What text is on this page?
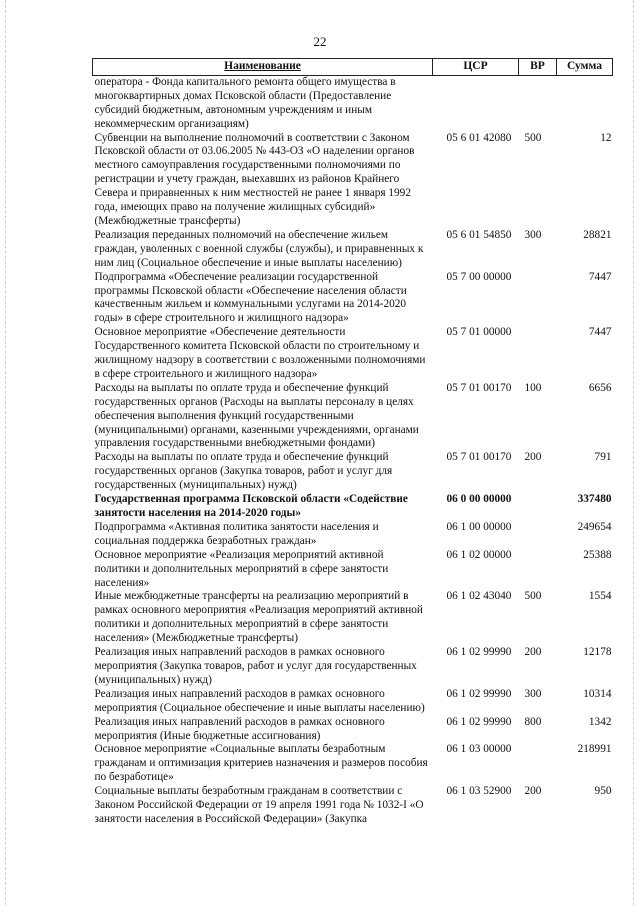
22
Наименование	ЦСР	ВР	Сумма
оператора - Фонда капитального ремонта общего имущества в многоквартирных домах Псковской области (Предоставление субсидий бюджетным, автономным учреждениям и иным некоммерческим организациям)			
Субвенции на выполнение полномочий в соответствии с Законом Псковской области от 03.06.2005 № 443-ОЗ «О наделении органов местного самоуправления государственными полномочиями по регистрации и учету граждан, выехавших из районов Крайнего Севера и приравненных к ним местностей не ранее 1 января 1992 года, имеющих право на получение жилищных субсидий» (Межбюджетные трансферты)	05 6 01 42080	500	12
Реализация переданных полномочий на обеспечение жильем граждан, уволенных с военной службы (службы), и приравненных к ним лиц (Социальное обеспечение и иные выплаты населению)	05 6 01 54850	300	28821
Подпрограмма «Обеспечение реализации государственной программы Псковской области «Обеспечение населения области качественным жильем и коммунальными услугами на 2014-2020 годы» в сфере строительного и жилищного надзора»	05 7 00 00000		7447
Основное мероприятие «Обеспечение деятельности Государственного комитета Псковской области по строительному и жилищному надзору в соответствии с возложенными полномочиями в сфере строительного и жилищного надзора»	05 7 01 00000		7447
Расходы на выплаты по оплате труда и обеспечение функций государственных органов (Расходы на выплаты персоналу в целях обеспечения выполнения функций государственными (муниципальными) органами, казенными учреждениями, органами управления государственными внебюджетными фондами)	05 7 01 00170	100	6656
Расходы на выплаты по оплате труда и обеспечение функций государственных органов (Закупка товаров, работ и услуг для государственных (муниципальных) нужд)	05 7 01 00170	200	791
Государственная программа Псковской области «Содействие занятости населения на 2014-2020 годы»	06 0 00 00000		337480
Подпрограмма «Активная политика занятости населения и социальная поддержка безработных граждан»	06 1 00 00000		249654
Основное мероприятие «Реализация мероприятий активной политики и дополнительных мероприятий в сфере занятости населения»	06 1 02 00000		25388
Иные межбюджетные трансферты на реализацию мероприятий в рамках основного мероприятия «Реализация мероприятий активной политики и дополнительных мероприятий в сфере занятости населения» (Межбюджетные трансферты)	06 1 02 43040	500	1554
Реализация иных направлений расходов в рамках основного мероприятия (Закупка товаров, работ и услуг для государственных (муниципальных) нужд)	06 1 02 99990	200	12178
Реализация иных направлений расходов в рамках основного мероприятия (Социальное обеспечение и иные выплаты населению)	06 1 02 99990	300	10314
Реализация иных направлений расходов в рамках основного мероприятия (Иные бюджетные ассигнования)	06 1 02 99990	800	1342
Основное мероприятие «Социальные выплаты безработным гражданам и оптимизация критериев назначения и размеров пособия по безработице»	06 1 03 00000		218991
Социальные выплаты безработным гражданам в соответствии с Законом Российской Федерации от 19 апреля 1991 года № 1032-I «О занятости населения в Российской Федерации» (Закупка	06 1 03 52900	200	950
